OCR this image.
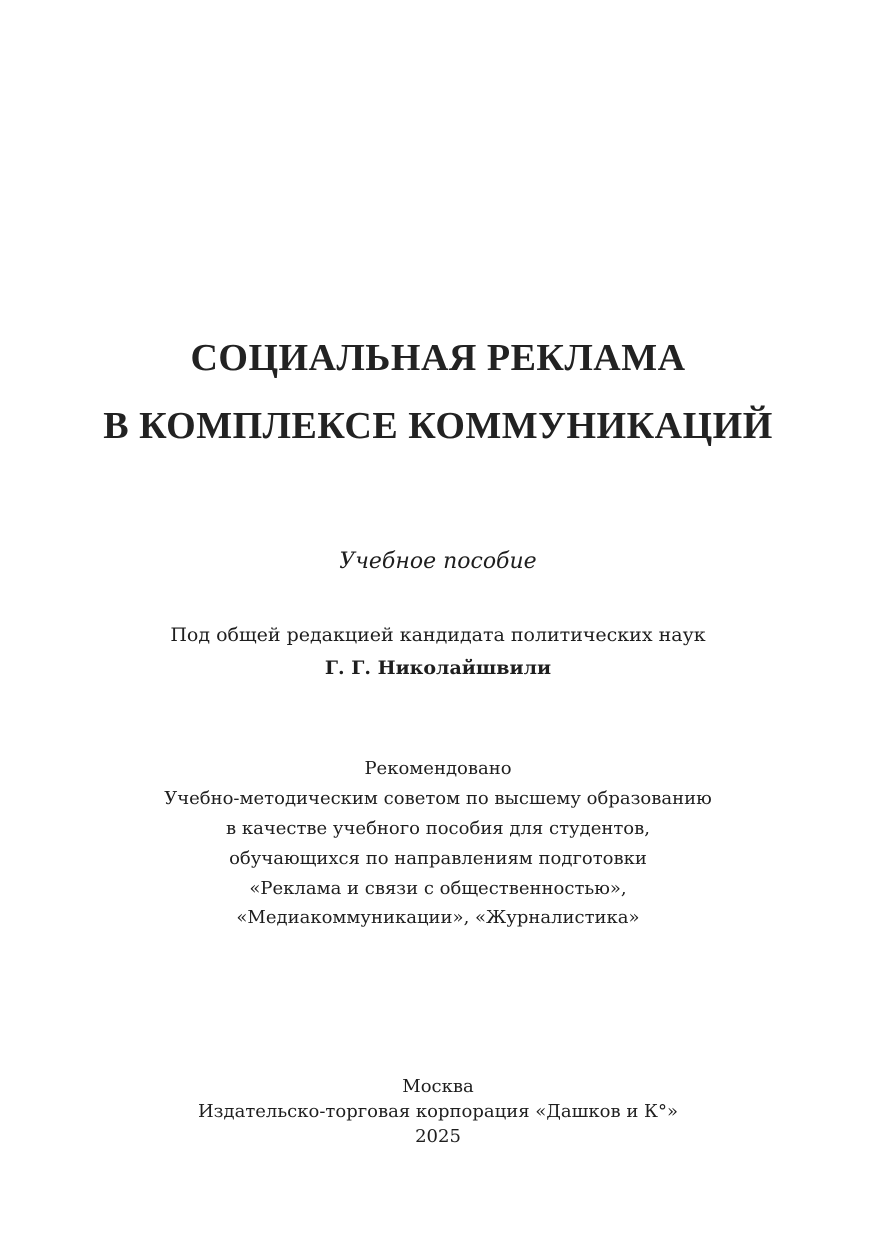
СОЦИАЛЬНАЯ РЕКЛАМА
В КОМПЛЕКСЕ КОММУНИКАЦИЙ
Учебное пособие
Под общей редакцией кандидата политических наук
Г. Г. Николайшвили
Рекомендовано
Учебно-методическим советом по высшему образованию
в качестве учебного пособия для студентов,
обучающихся по направлениям подготовки
«Реклама и связи с общественностью»,
«Медиакоммуникации», «Журналистика»
Москва
Издательско-торговая корпорация «Дашков и К°»
2025
